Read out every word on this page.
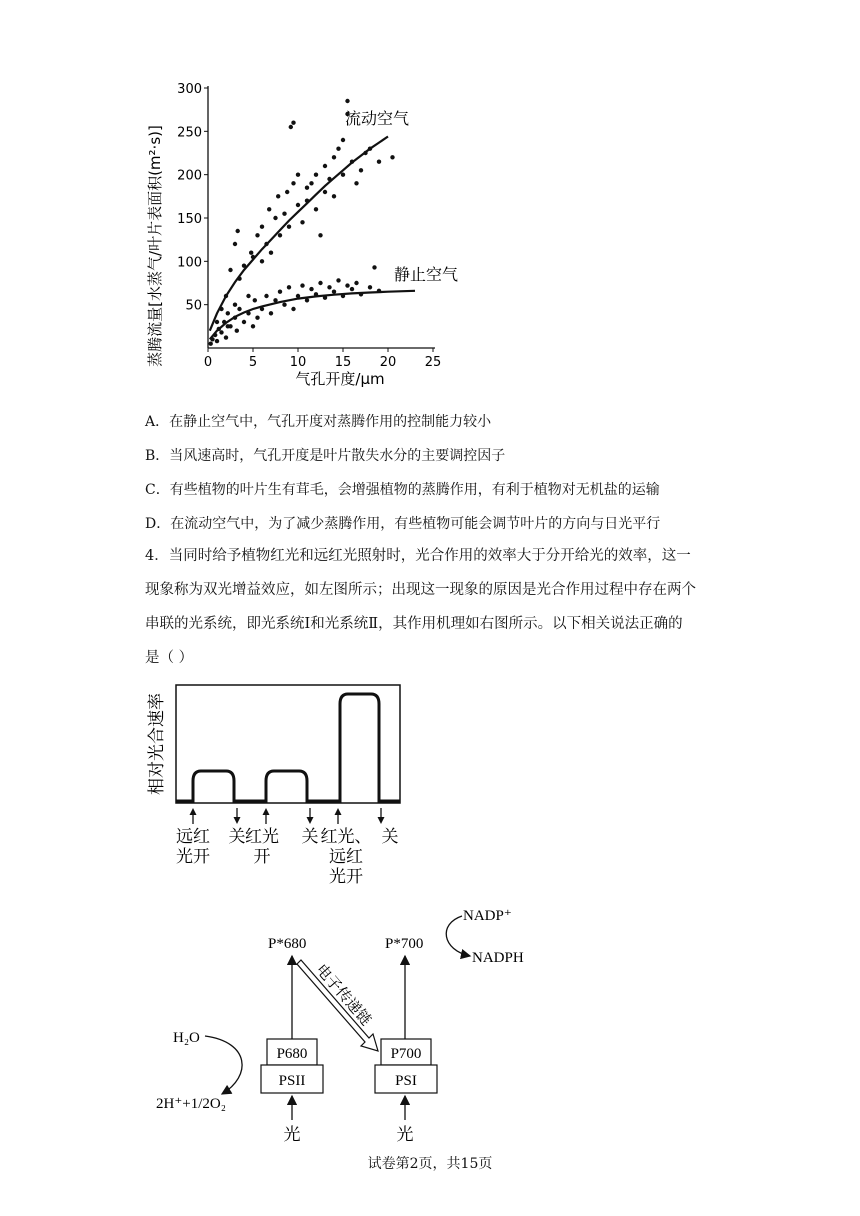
蒸腾流量[水蒸气/叶片表面积(m²·s)]	0	5	10 15 20 25
50
100
150
200
250
300
流动空气
静止空气
气孔开度/μm
A．在静止空气中，气孔开度对蒸腾作用的控制能力较小
B．当风速高时，气孔开度是叶片散失水分的主要调控因子
C．有些植物的叶片生有茸毛，会增强植物的蒸腾作用，有利于植物对无机盐的运输
D．在流动空气中，为了减少蒸腾作用，有些植物可能会调节叶片的方向与日光平行
4．当同时给予植物红光和远红光照射时，光合作用的效率大于分开给光的效率，这一
现象称为双光增益效应，如左图所示；出现这一现象的原因是光合作用过程中存在两个
串联的光系统，即光系统Ⅰ和光系统Ⅱ，其作用机理如右图所示。以下相关说法正确的
是（ ）
相对光合速率
远红
光开
关 红光
开
关 红光、
远红
光开
关
P*680	P*700
NADP⁺
NADPH
H₂O
2H⁺+1/2O₂
电子传递链
P680
PSII
P700
PSI
光	光
试卷第2页，共15页
